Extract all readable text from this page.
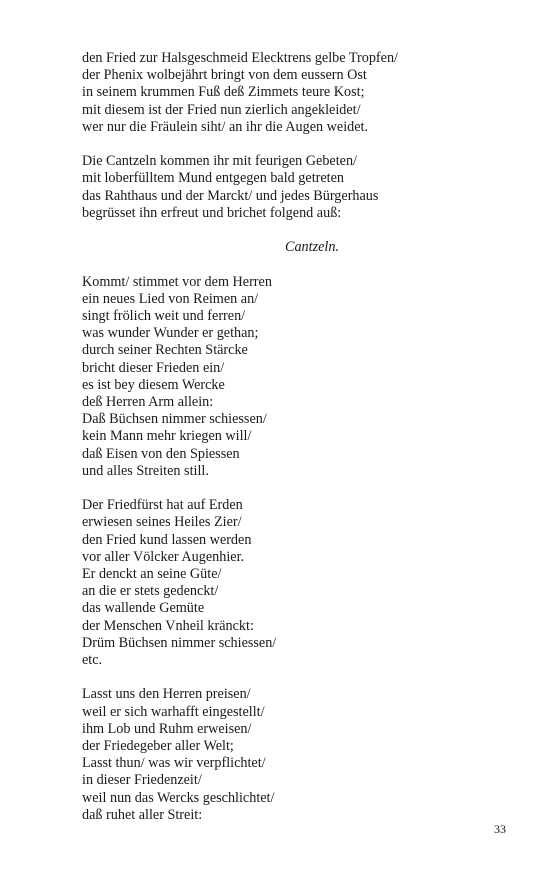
den Fried zur Halsgeschmeid Elecktrens gelbe Tropfen/
der Phenix wolbejährt bringt von dem eussern Ost
in seinem krummen Fuß deß Zimmets teure Kost;
mit diesem ist der Fried nun zierlich angekleidet/
wer nur die Fräulein siht/ an ihr die Augen weidet.
Die Cantzeln kommen ihr mit feurigen Gebeten/
mit loberfülltem Mund entgegen bald getreten
das Rahthaus und der Marckt/ und jedes Bürgerhaus
begrüsset ihn erfreut und brichet folgend auß:
Cantzeln.
Kommt/ stimmet vor dem Herren
ein neues Lied von Reimen an/
singt frölich weit und ferren/
was wunder Wunder er gethan;
durch seiner Rechten Stärcke
bricht dieser Frieden ein/
es ist bey diesem Wercke
deß Herren Arm allein:
Daß Büchsen nimmer schiessen/
kein Mann mehr kriegen will/
daß Eisen von den Spiessen
und alles Streiten still.
Der Friedfürst hat auf Erden
erwiesen seines Heiles Zier/
den Fried kund lassen werden
vor aller Völcker Augenhier.
Er denckt an seine Güte/
an die er stets gedenckt/
das wallende Gemüte
der Menschen Vnheil kränckt:
Drüm Büchsen nimmer schiessen/
etc.
Lasst uns den Herren preisen/
weil er sich warhafft eingestellt/
ihm Lob und Ruhm erweisen/
der Friedegeber aller Welt;
Lasst thun/ was wir verpflichtet/
in dieser Friedenzeit/
weil nun das Wercks geschlichtet/
daß ruhet aller Streit:
33
